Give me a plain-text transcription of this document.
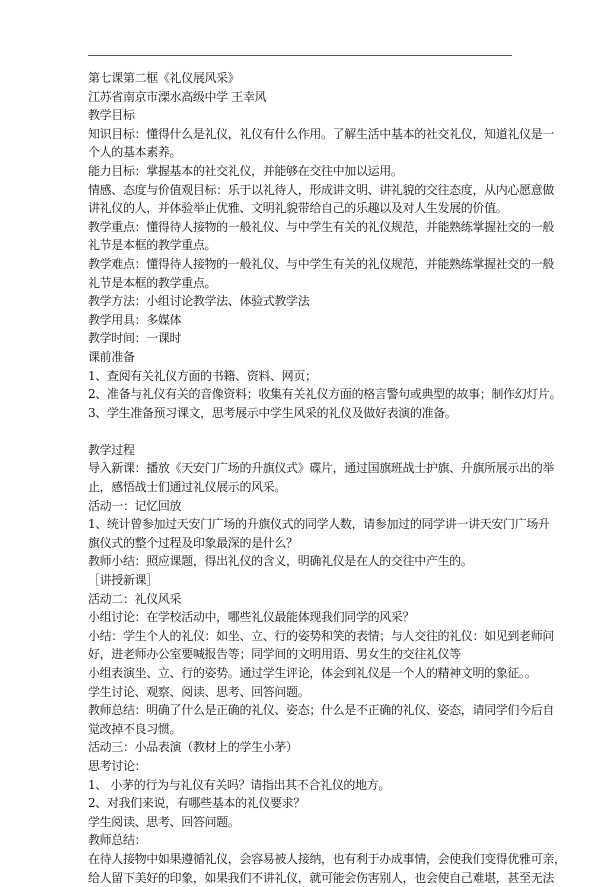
第七课第二框《礼仪展风采》
江苏省南京市溧水高级中学 王幸风
教学目标
知识目标：懂得什么是礼仪，礼仪有什么作用。了解生活中基本的社交礼仪，知道礼仪是一
个人的基本素养。
能力目标：掌握基本的社交礼仪，并能够在交往中加以运用。
情感、态度与价值观目标：乐于以礼待人，形成讲文明、讲礼貌的交往态度，从内心愿意做
讲礼仪的人，并体验举止优雅、文明礼貌带给自己的乐趣以及对人生发展的价值。
教学重点：懂得待人接物的一般礼仪、与中学生有关的礼仪规范，并能熟练掌握社交的一般
礼节是本框的教学重点。
教学难点：懂得待人接物的一般礼仪、与中学生有关的礼仪规范，并能熟练掌握社交的一般
礼节是本框的教学重点。
教学方法：小组讨论教学法、体验式教学法
教学用具：多媒体
教学时间：一课时
课前准备
1、查阅有关礼仪方面的书籍、资料、网页；
2、准备与礼仪有关的音像资料；收集有关礼仪方面的格言警句或典型的故事；制作幻灯片。
3、学生准备预习课文，思考展示中学生风采的礼仪及做好表演的准备。
教学过程
导入新课：播放《天安门广场的升旗仪式》碟片，通过国旗班战士护旗、升旗所展示出的举
止，感悟战士们通过礼仪展示的风采。
活动一：记忆回放
1、统计曾参加过天安门广场的升旗仪式的同学人数，请参加过的同学讲一讲天安门广场升
旗仪式的整个过程及印象最深的是什么？
教师小结：照应课题，得出礼仪的含义，明确礼仪是在人的交往中产生的。
［讲授新课］
活动二：礼仪风采
小组讨论：在学校活动中，哪些礼仪最能体现我们同学的风采？
小结：学生个人的礼仪：如坐、立、行的姿势和笑的表情；与人交往的礼仪：如见到老师问
好，进老师办公室要喊报告等；同学间的文明用语、男女生的交往礼仪等
小组表演坐、立、行的姿势。通过学生评论，体会到礼仪是一个人的精神文明的象征。。
学生讨论、观察、阅读、思考、回答问题。
教师总结：明确了什么是正确的礼仪、姿态；什么是不正确的礼仪、姿态，请同学们今后自
觉改掉不良习惯。
活动三：小品表演（教材上的学生小茅）
思考讨论：
1、 小茅的行为与礼仪有关吗？请指出其不合礼仪的地方。
2、对我们来说，有哪些基本的礼仪要求？
学生阅读、思考、回答问题。
教师总结：
在待人接物中如果遵循礼仪，会容易被人接纳，也有利于办成事情，会使我们变得优雅可亲，
给人留下美好的印象，如果我们不讲礼仪，就可能会伤害别人，也会使自己难堪，甚至无法
